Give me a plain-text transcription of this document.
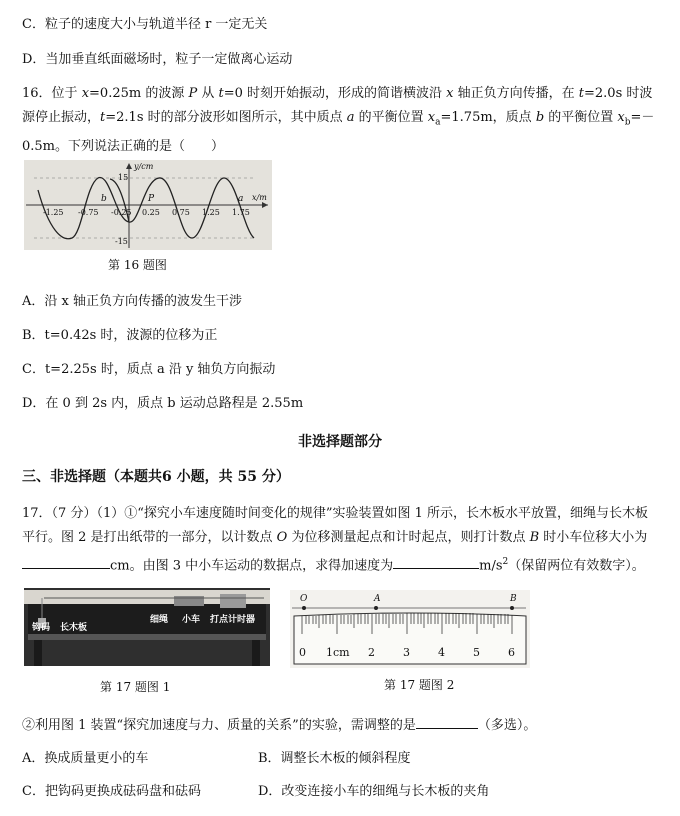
C．粒子的速度大小与轨道半径 r 一定无关
D．当加垂直纸面磁场时，粒子一定做离心运动
16．位于 x=0.25m 的波源 P 从 t=0 时刻开始振动，形成的简谐横波沿 x 轴正负方向传播，在 t=2.0s 时波源停止振动，t=2.1s 时的部分波形如图所示，其中质点 a 的平衡位置 $x_a=1.75m$，质点 b 的平衡位置 $x_b=-0.5m$。下列说法正确的是（　　）
y/cm
x/m
15
-15
-1.25 -0.75 -0.25 0.25 0.75 1.25 1.75
b	P	a
第 16 题图
A．沿 x 轴正负方向传播的波发生干涉
B．t=0.42s 时，波源的位移为正
C．t=2.25s 时，质点 a 沿 y 轴负方向振动
D．在 0 到 2s 内，质点 b 运动总路程是 2.55m
非选择题部分
三、非选择题（本题共6 小题，共 55 分）
17．（7 分）（1）①“探究小车速度随时间变化的规律”实验装置如图 1 所示，长木板水平放置，细绳与长木板
平行。图 2 是打出纸带的一部分，以计数点 O 为位移测量起点和计时起点，则打计数点 B 时小车位移大小为
cm。由图 3 中小车运动的数据点，求得加速度为	$m/s^2$（保留两位有效数字）。
钩码 长木板
细绳 小车 打点计时器
第 17 题图 1
O	A	B
0 1cm 2	3	4	5	6
第 17 题图 2
②利用图 1 装置“探究加速度与力、质量的关系”的实验，需调整的是	（多选）。
A．换成质量更小的车	B．调整长木板的倾斜程度
C．把钩码更换成砝码盘和砝码	D．改变连接小车的细绳与长木板的夹角
